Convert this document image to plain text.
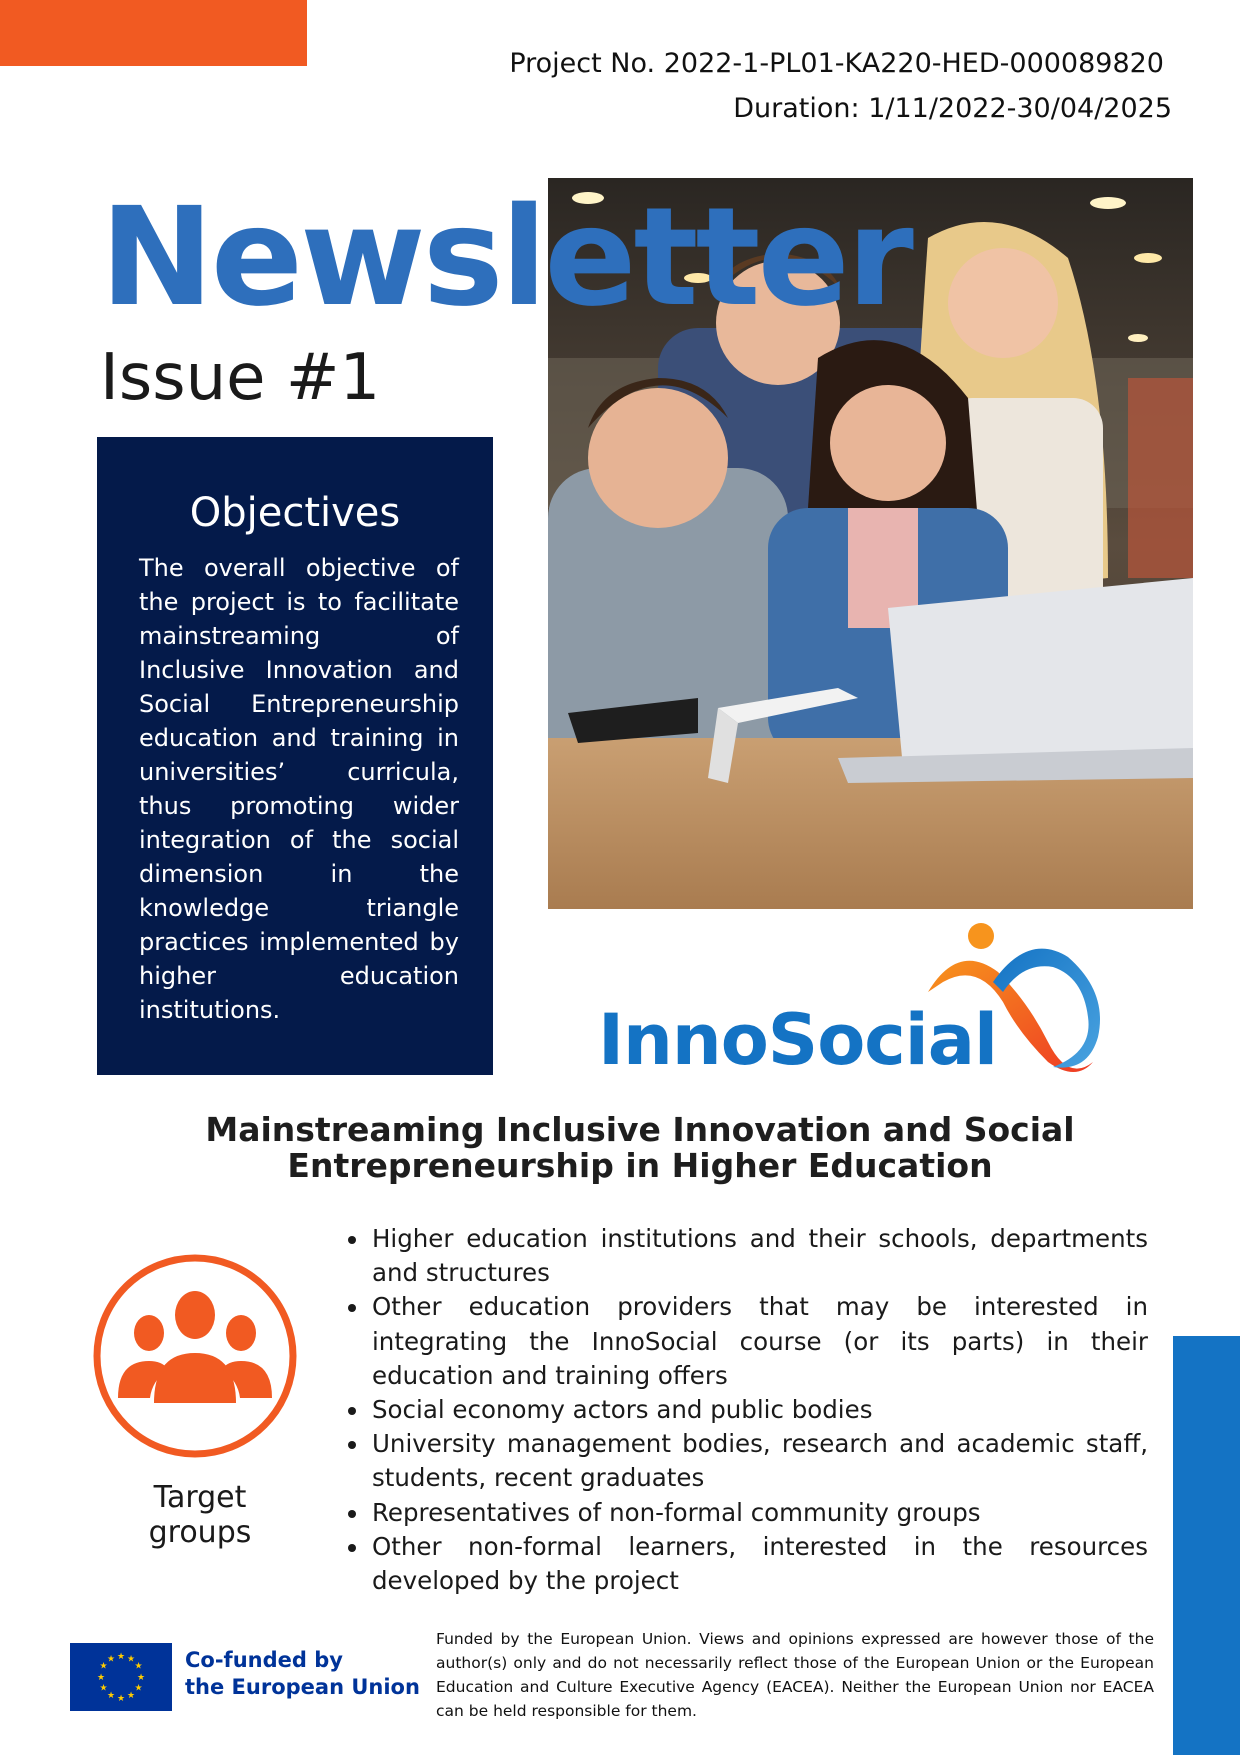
Project No. 2022-1-PL01-KA220-HED-000089820
Duration: 1/11/2022-30/04/2025
Newsletter
Issue #1
Objectives
The overall objective of the project is to facilitate mainstreaming of Inclusive Innovation and Social Entrepreneurship education and training in universities’ curricula, thus promoting wider integration of the social dimension in the knowledge triangle practices implemented by higher education institutions.	InnoSocial
Mainstreaming Inclusive Innovation and Social
Entrepreneurship in Higher Education
Target
groups
• Higher education institutions and their schools, departments and structures
• Other education providers that may be interested in integrating the InnoSocial course (or its parts) in their education and training offers
• Social economy actors and public bodies
• University management bodies, research and academic staff, students, recent graduates
• Representatives of non-formal community groups
• Other non-formal learners, interested in the resources developed by the project
★ ★
★
★
★
★
★
★
★
★
★
★	Co-funded by
the European Union
Funded by the European Union. Views and opinions expressed are however those of the author(s) only and do not necessarily reflect those of the European Union or the European Education and Culture Executive Agency (EACEA). Neither the European Union nor EACEA can be held responsible for them.
